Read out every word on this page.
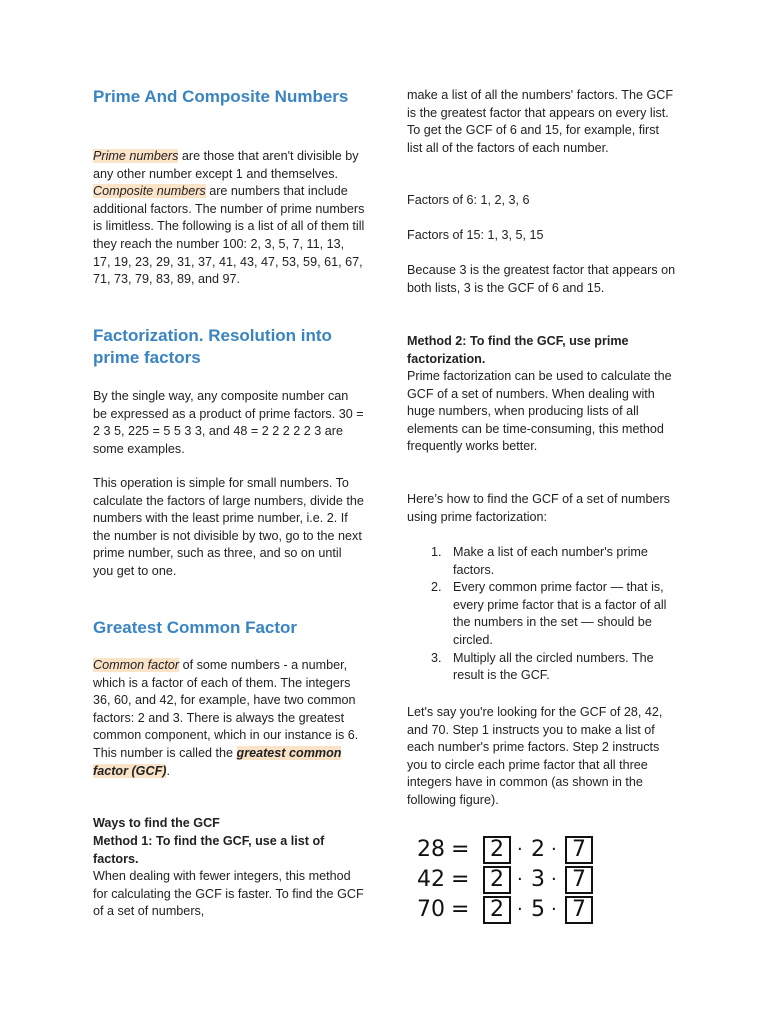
Prime And Composite Numbers

Prime numbers are those that aren't divisible by any other number except 1 and themselves. Composite numbers are numbers that include additional factors. The number of prime numbers is limitless. The following is a list of all of them till they reach the number 100: 2, 3, 5, 7, 11, 13, 17, 19, 23, 29, 31, 37, 41, 43, 47, 53, 59, 61, 67, 71, 73, 79, 83, 89, and 97.

Factorization. Resolution into prime factors

By the single way, any composite number can be expressed as a product of prime factors. 30 = 2 3 5, 225 = 5 5 3 3, and 48 = 2 2 2 2 2 3 are some examples.

This operation is simple for small numbers. To calculate the factors of large numbers, divide the numbers with the least prime number, i.e. 2. If the number is not divisible by two, go to the next prime number, such as three, and so on until you get to one.

Greatest Common Factor

Common factor of some numbers - a number, which is a factor of each of them. The integers 36, 60, and 42, for example, have two common factors: 2 and 3. There is always the greatest common component, which in our instance is 6. This number is called the greatest common factor (GCF).

Ways to find the GCF

Method 1: To find the GCF, use a list of factors.

When dealing with fewer integers, this method for calculating the GCF is faster. To find the GCF of a set of numbers,

make a list of all the numbers' factors. The GCF is the greatest factor that appears on every list. To get the GCF of 6 and 15, for example, first list all of the factors of each number.

Factors of 6: 1, 2, 3, 6

Factors of 15: 1, 3, 5, 15

Because 3 is the greatest factor that appears on both lists, 3 is the GCF of 6 and 15.

Method 2: To find the GCF, use prime factorization.

Prime factorization can be used to calculate the GCF of a set of numbers. When dealing with huge numbers, when producing lists of all elements can be time-consuming, this method frequently works better.

Here’s how to find the GCF of a set of numbers using prime factorization:

1. Make a list of each number's prime factors.
2. Every common prime factor — that is, every prime factor that is a factor of all the numbers in the set — should be circled.
3. Multiply all the circled numbers. The result is the GCF.

Let's say you're looking for the GCF of 28, 42, and 70. Step 1 instructs you to make a list of each number's prime factors. Step 2 instructs you to circle each prime factor that all three integers have in common (as shown in the following figure).

28 = 2 · 2 · 7
42 = 2 · 3 · 7
70 = 2 · 5 · 7
